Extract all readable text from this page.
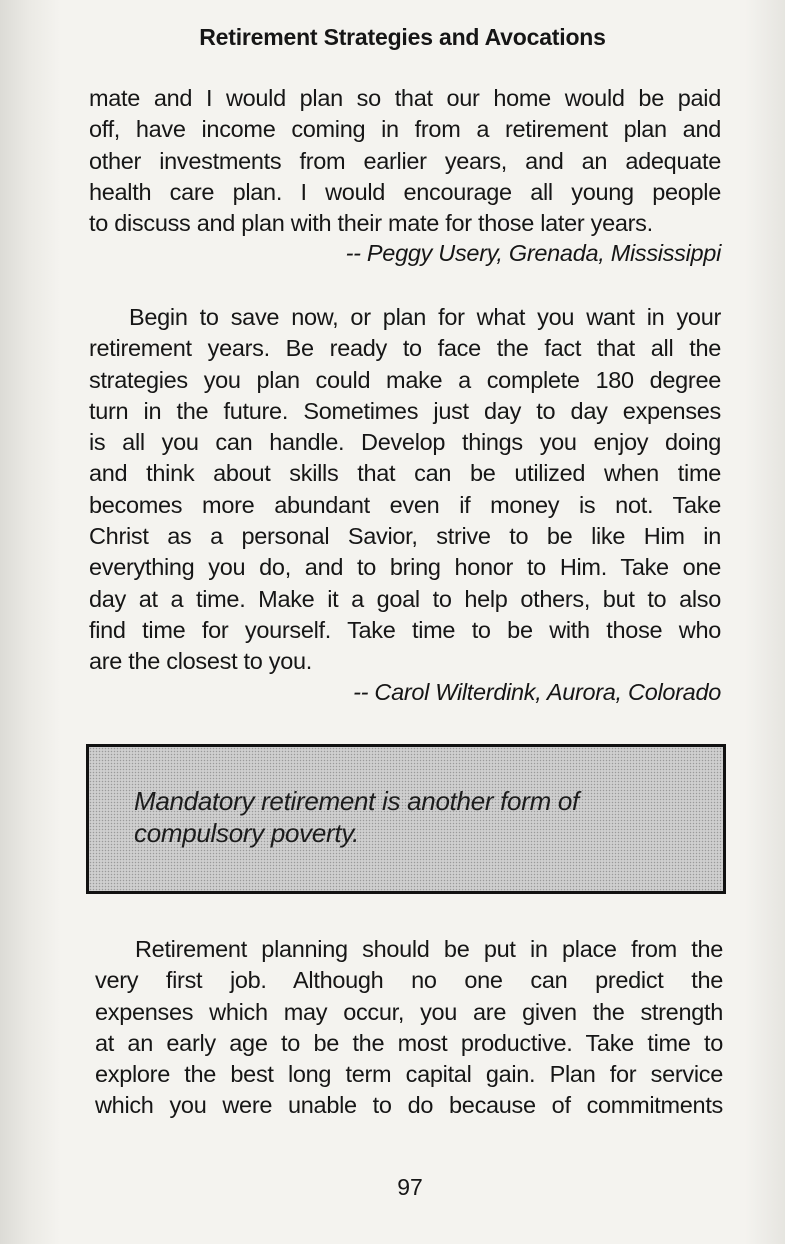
Retirement Strategies and Avocations

mate and I would plan so that our home would be paid
off, have income coming in from a retirement plan and
other investments from earlier years, and an adequate
health care plan. I would encourage all young people
to discuss and plan with their mate for those later years.

-- Peggy Usery, Grenada, Mississippi

Begin to save now, or plan for what you want in your
retirement years. Be ready to face the fact that all the
strategies you plan could make a complete 180 degree
turn in the future. Sometimes just day to day expenses
is all you can handle. Develop things you enjoy doing
and think about skills that can be utilized when time
becomes more abundant even if money is not. Take
Christ as a personal Savior, strive to be like Him in
everything you do, and to bring honor to Him. Take one
day at a time. Make it a goal to help others, but to also
find time for yourself. Take time to be with those who
are the closest to you.

-- Carol Wilterdink, Aurora, Colorado
Mandatory retirement is another form of
compulsory poverty.

Retirement planning should be put in place from the
very first job. Although no one can predict the
expenses which may occur, you are given the strength
at an early age to be the most productive. Take time to
explore the best long term capital gain. Plan for service
which you were unable to do because of commitments

97
